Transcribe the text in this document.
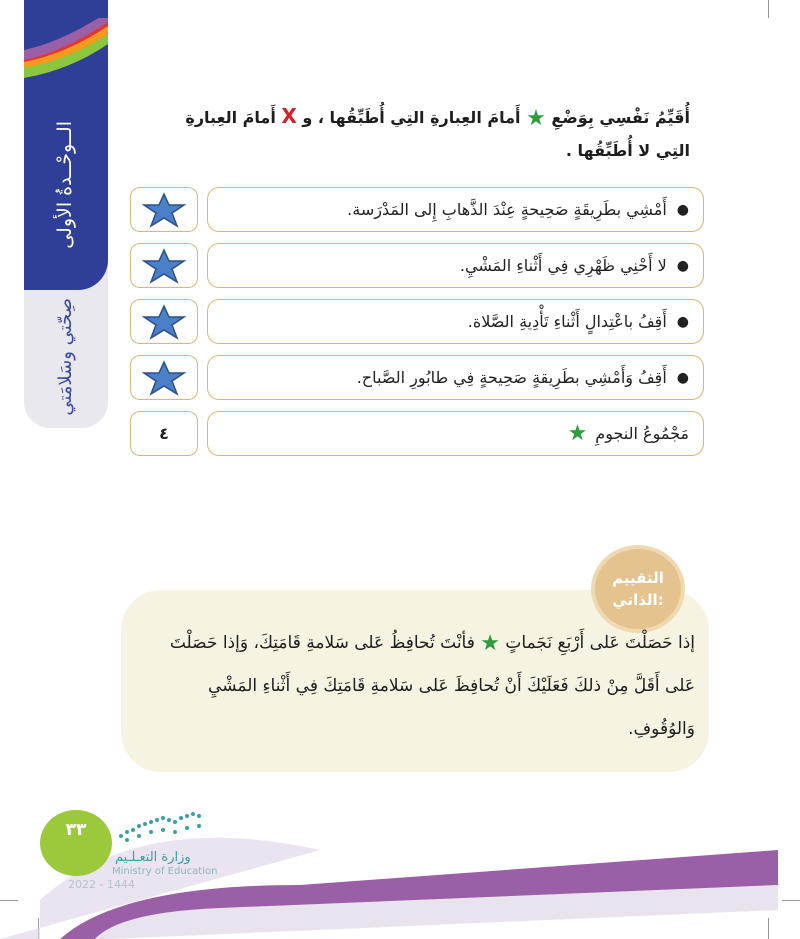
الــوحْــدةُ الأولى
صِحّتي وسَلامَتي
أُقَيِّمُ نَفْسِي بِوَضْعِ ★ أَمامَ العِبارةِ التِي أُطَبِّقُها ، و X أَمامَ العِبارةِ التِي لا أُطَبِّقُها .
●
أَمْشِي بطَرِيقَةٍ صَحِيحةٍ عِنْدَ الذَّهابِ إِلى المَدْرَسة.
●
لا أَحْنِي ظَهْرِي فِي أَثْناءِ المَشْيِ.
●
أَقِفُ باعْتِدالٍ أَثْناءِ تَأْدِيةِ الصَّلاة.
●
أَقِفُ وَأَمْشِي بطَرِيقةٍ صَحِيحةٍ فِي طابُورِ الصَّباح.
مَجْمُوعُ النجومِ
★
٤
التقييم
الذاتي:
إذا حَصَلْتَ عَلى أَرْبَعِ نَجَماتٍ ★ فأنْتَ تُحافِظُ عَلى سَلامةِ قَامَتِكَ، وَإذا حَصَلْتَ عَلى أَقَلَّ مِنْ ذلكَ فَعَلَيْكَ أَنْ تُحافِظَ عَلى سَلامةِ قَامَتِكَ فِي أَثْناءِ المَشْيِ وَالوُقُوفِ.
٣٣
وزارة التعـلـيم
Ministry of Education
2022 - 1444
